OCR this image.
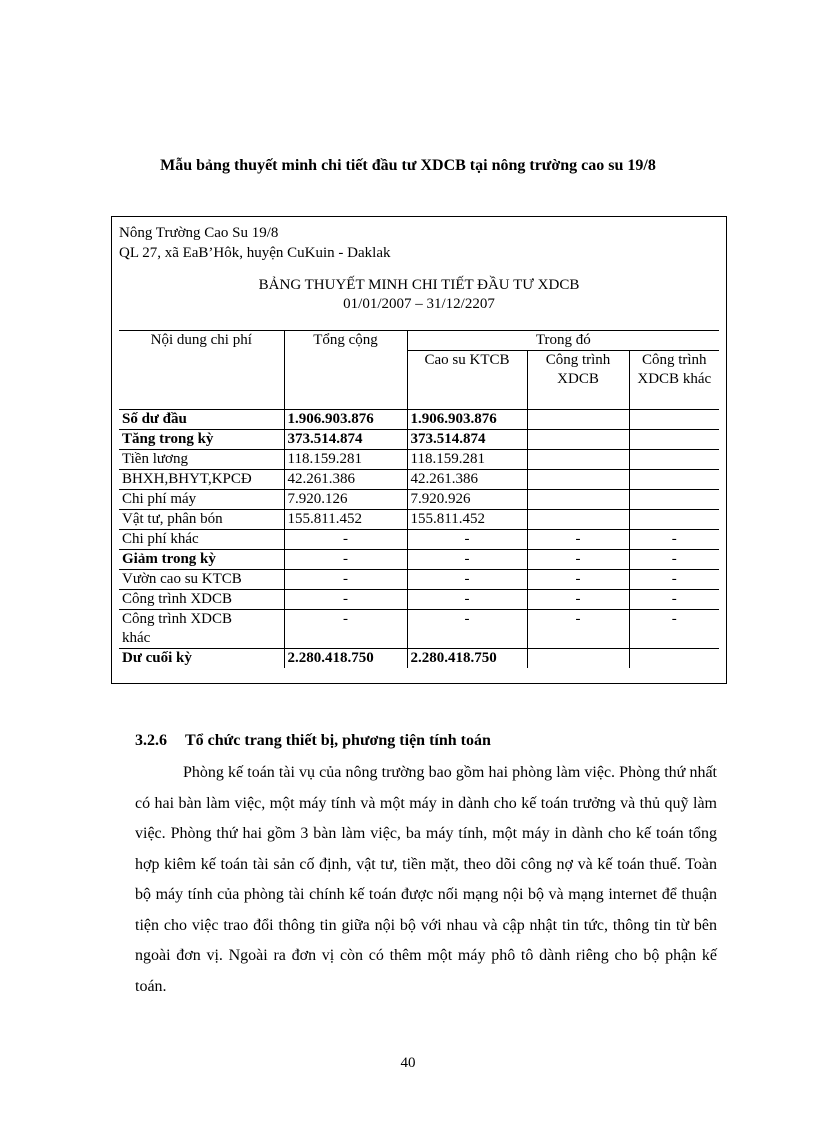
Mẫu bảng thuyết minh chi tiết đầu tư XDCB tại nông trường cao su 19/8
Nông Trường Cao Su 19/8
QL 27, xã EaB’Hôk, huyện CuKuin - Daklak
BẢNG THUYẾT MINH CHI TIẾT ĐẦU TƯ XDCB
01/01/2007 – 31/12/2207
Nội dung chi phí	Tổng cộng	Trong đó		
		Cao su KTCB	Công trình XDCB	Công trình XDCB khác
Số dư đầu	1.906.903.876	1.906.903.876		
Tăng trong kỳ	373.514.874	373.514.874		
Tiền lương	118.159.281	118.159.281		
BHXH,BHYT,KPCĐ	42.261.386	42.261.386		
Chi phí máy	7.920.126	7.920.926		
Vật tư, phân bón	155.811.452	155.811.452		
Chi phí khác	-	-	-	-
Giảm trong kỳ	-	-	-	-
Vườn cao su KTCB	-	-	-	-
Công trình XDCB	-	-	-	-
Công trình XDCB khác	-	-	-	-
Dư cuối kỳ	2.280.418.750	2.280.418.750		
3.2.6 Tổ chức trang thiết bị, phương tiện tính toán
Phòng kế toán tài vụ của nông trường bao gồm hai phòng làm việc. Phòng thứ nhất có hai bàn làm việc, một máy tính và một máy in dành cho kế toán trưởng và thủ quỹ làm việc. Phòng thứ hai gồm 3 bàn làm việc, ba máy tính, một máy in dành cho kế toán tổng hợp kiêm kế toán tài sản cố định, vật tư, tiền mặt, theo dõi công nợ và kế toán thuế. Toàn bộ máy tính của phòng tài chính kế toán được nối mạng nội bộ và mạng internet để thuận tiện cho việc trao đổi thông tin giữa nội bộ với nhau và cập nhật tin tức, thông tin từ bên ngoài đơn vị. Ngoài ra đơn vị còn có thêm một máy phô tô dành riêng cho bộ phận kế toán.
40
